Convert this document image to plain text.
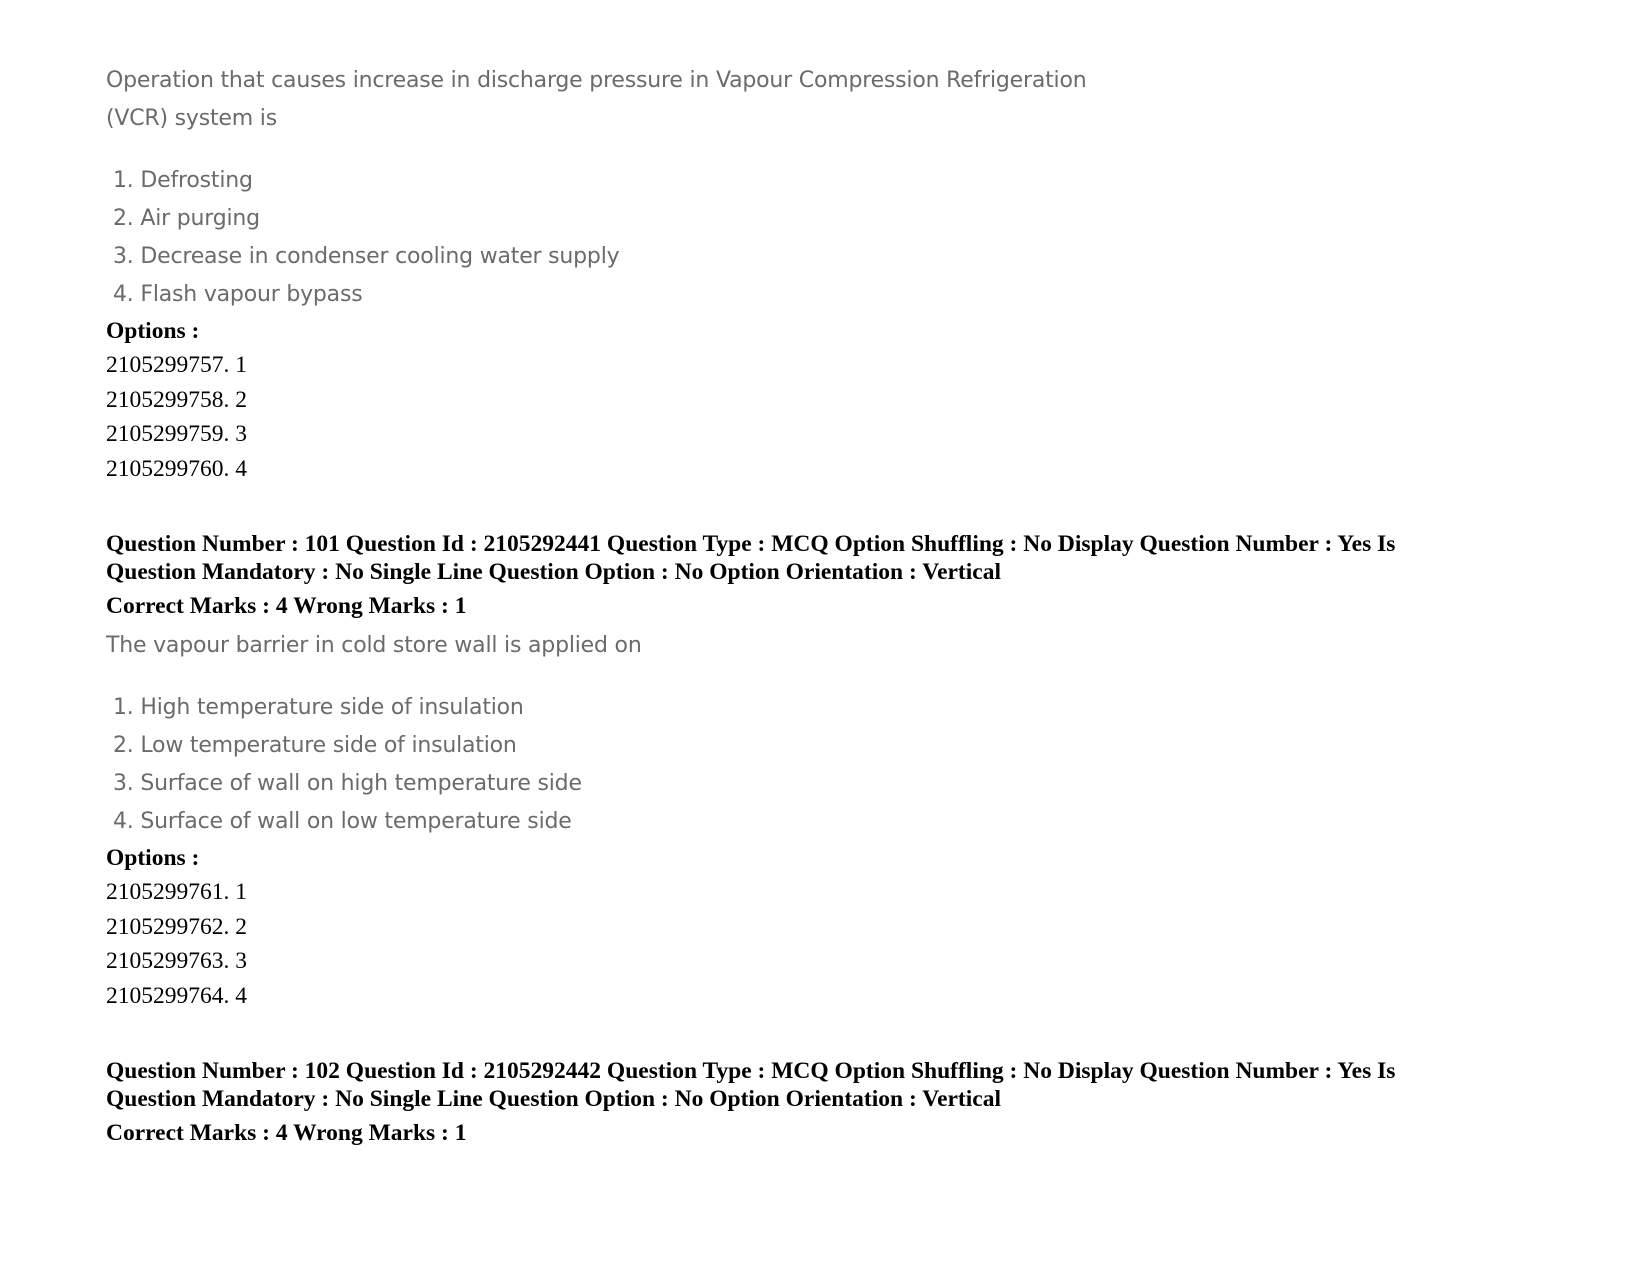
Operation that causes increase in discharge pressure in Vapour Compression Refrigeration
(VCR) system is
1. Defrosting
2. Air purging
3. Decrease in condenser cooling water supply
4. Flash vapour bypass
Options :
2105299757. 1
2105299758. 2
2105299759. 3
2105299760. 4
Question Number : 101 Question Id : 2105292441 Question Type : MCQ Option Shuffling : No Display Question Number : Yes Is
Question Mandatory : No Single Line Question Option : No Option Orientation : Vertical
Correct Marks : 4 Wrong Marks : 1
The vapour barrier in cold store wall is applied on
1. High temperature side of insulation
2. Low temperature side of insulation
3. Surface of wall on high temperature side
4. Surface of wall on low temperature side
Options :
2105299761. 1
2105299762. 2
2105299763. 3
2105299764. 4
Question Number : 102 Question Id : 2105292442 Question Type : MCQ Option Shuffling : No Display Question Number : Yes Is
Question Mandatory : No Single Line Question Option : No Option Orientation : Vertical
Correct Marks : 4 Wrong Marks : 1
